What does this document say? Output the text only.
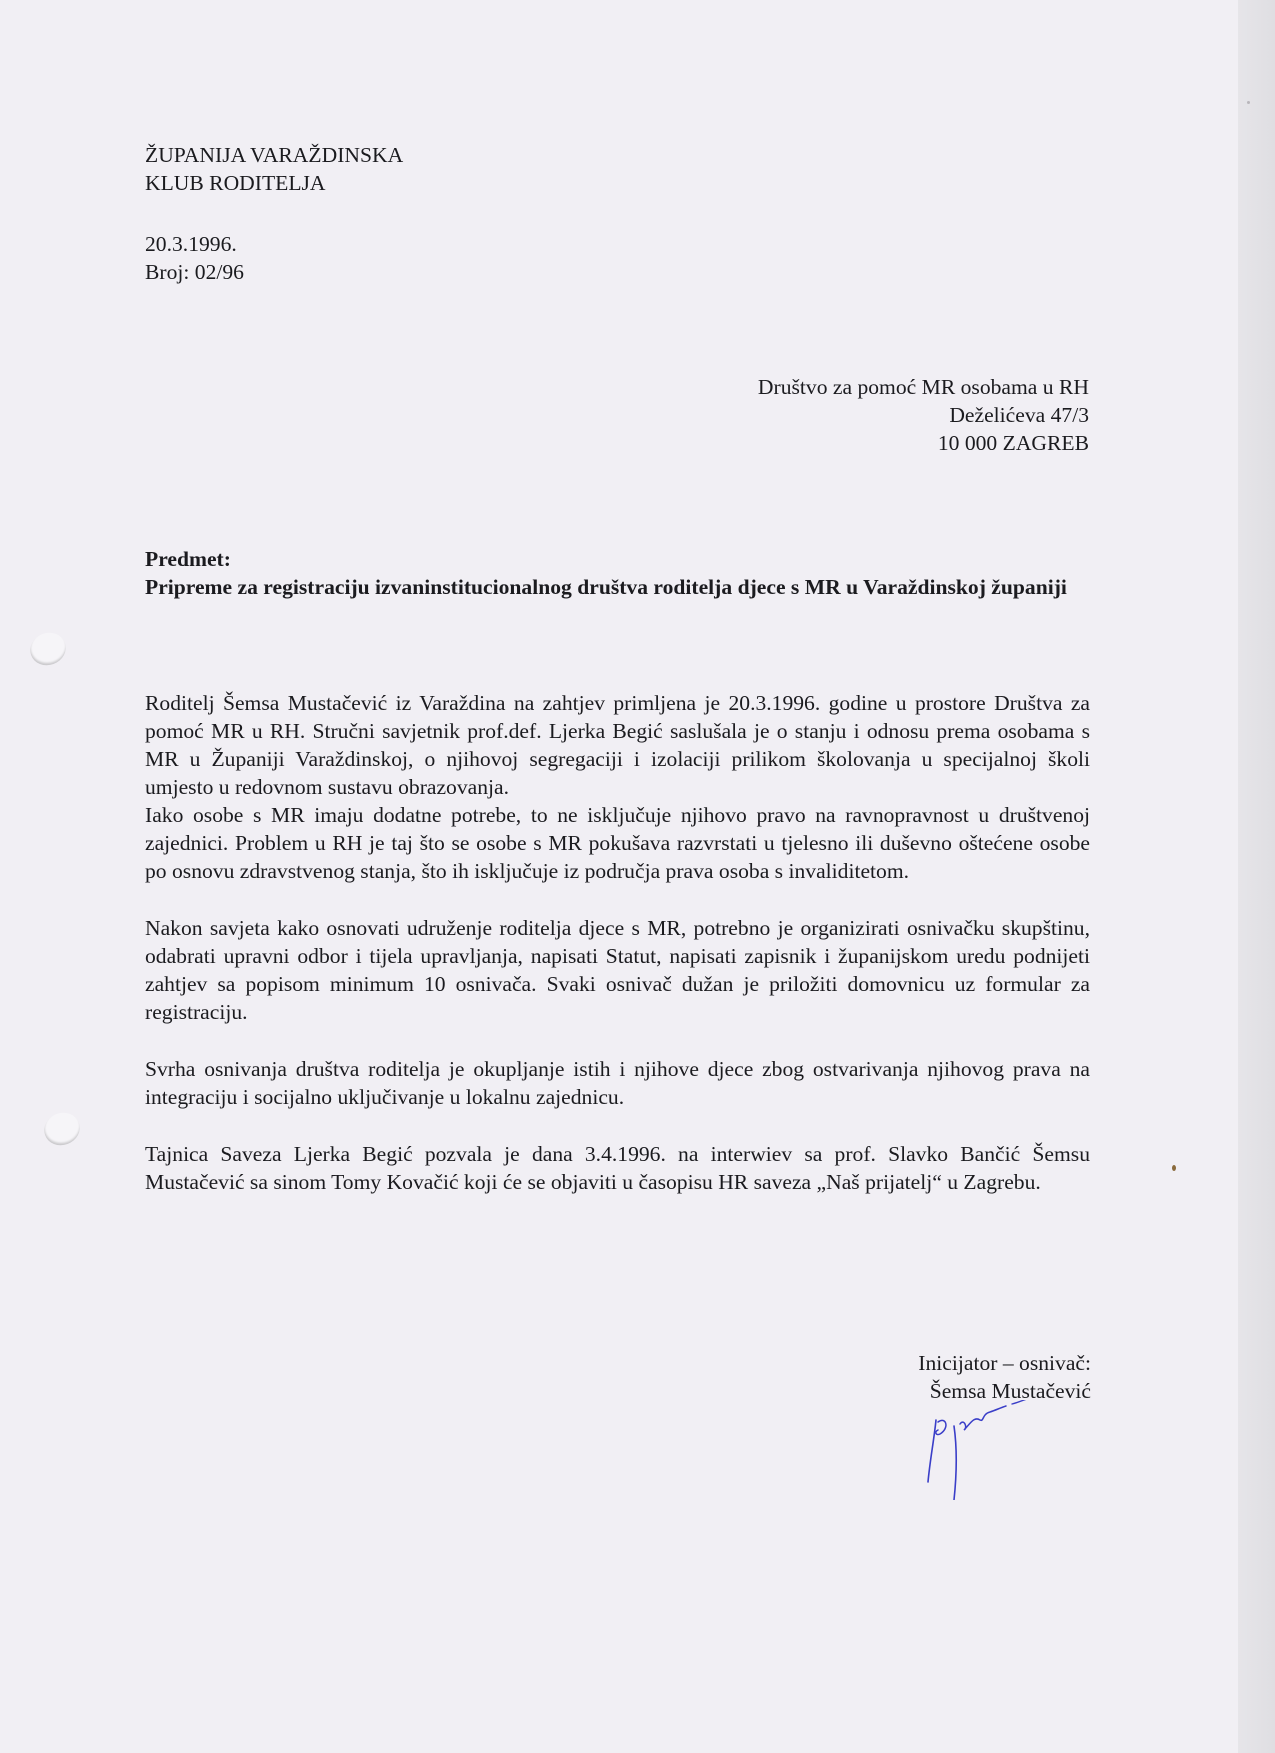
ŽUPANIJA VARAŽDINSKA
KLUB RODITELJA
20.3.1996.
Broj: 02/96
Društvo za pomoć MR osobama u RH
Deželićeva 47/3
10 000 ZAGREB
Predmet:
Pripreme za registraciju izvaninstitucionalnog društva roditelja djece s MR u Varaždinskoj županiji

Roditelj Šemsa Mustačević iz Varaždina na zahtjev primljena je 20.3.1996. godine u prostore Društva za pomoć MR u RH. Stručni savjetnik prof.def. Ljerka Begić saslušala je o stanju i odnosu prema osobama s MR u Županiji Varaždinskoj, o njihovoj segregaciji i izolaciji prilikom školovanja u specijalnoj školi umjesto u redovnom sustavu obrazovanja.

Iako osobe s MR imaju dodatne potrebe, to ne isključuje njihovo pravo na ravnopravnost u društvenoj zajednici. Problem u RH je taj što se osobe s MR pokušava razvrstati u tjelesno ili duševno oštećene osobe po osnovu zdravstvenog stanja, što ih isključuje iz područja prava osoba s invaliditetom.

Nakon savjeta kako osnovati udruženje roditelja djece s MR, potrebno je organizirati osnivačku skupštinu, odabrati upravni odbor i tijela upravljanja, napisati Statut, napisati zapisnik i županijskom uredu podnijeti zahtjev sa popisom minimum 10 osnivača. Svaki osnivač dužan je priložiti domovnicu uz formular za registraciju.

Svrha osnivanja društva roditelja je okupljanje istih i njihove djece zbog ostvarivanja njihovog prava na integraciju i socijalno uključivanje u lokalnu zajednicu.

Tajnica Saveza Ljerka Begić pozvala je dana 3.4.1996. na interwiev sa prof. Slavko Bančić Šemsu Mustačević sa sinom Tomy Kovačić koji će se objaviti u časopisu HR saveza „Naš prijatelj“ u Zagrebu.

Inicijator – osnivač:
Šemsa Mustačević
